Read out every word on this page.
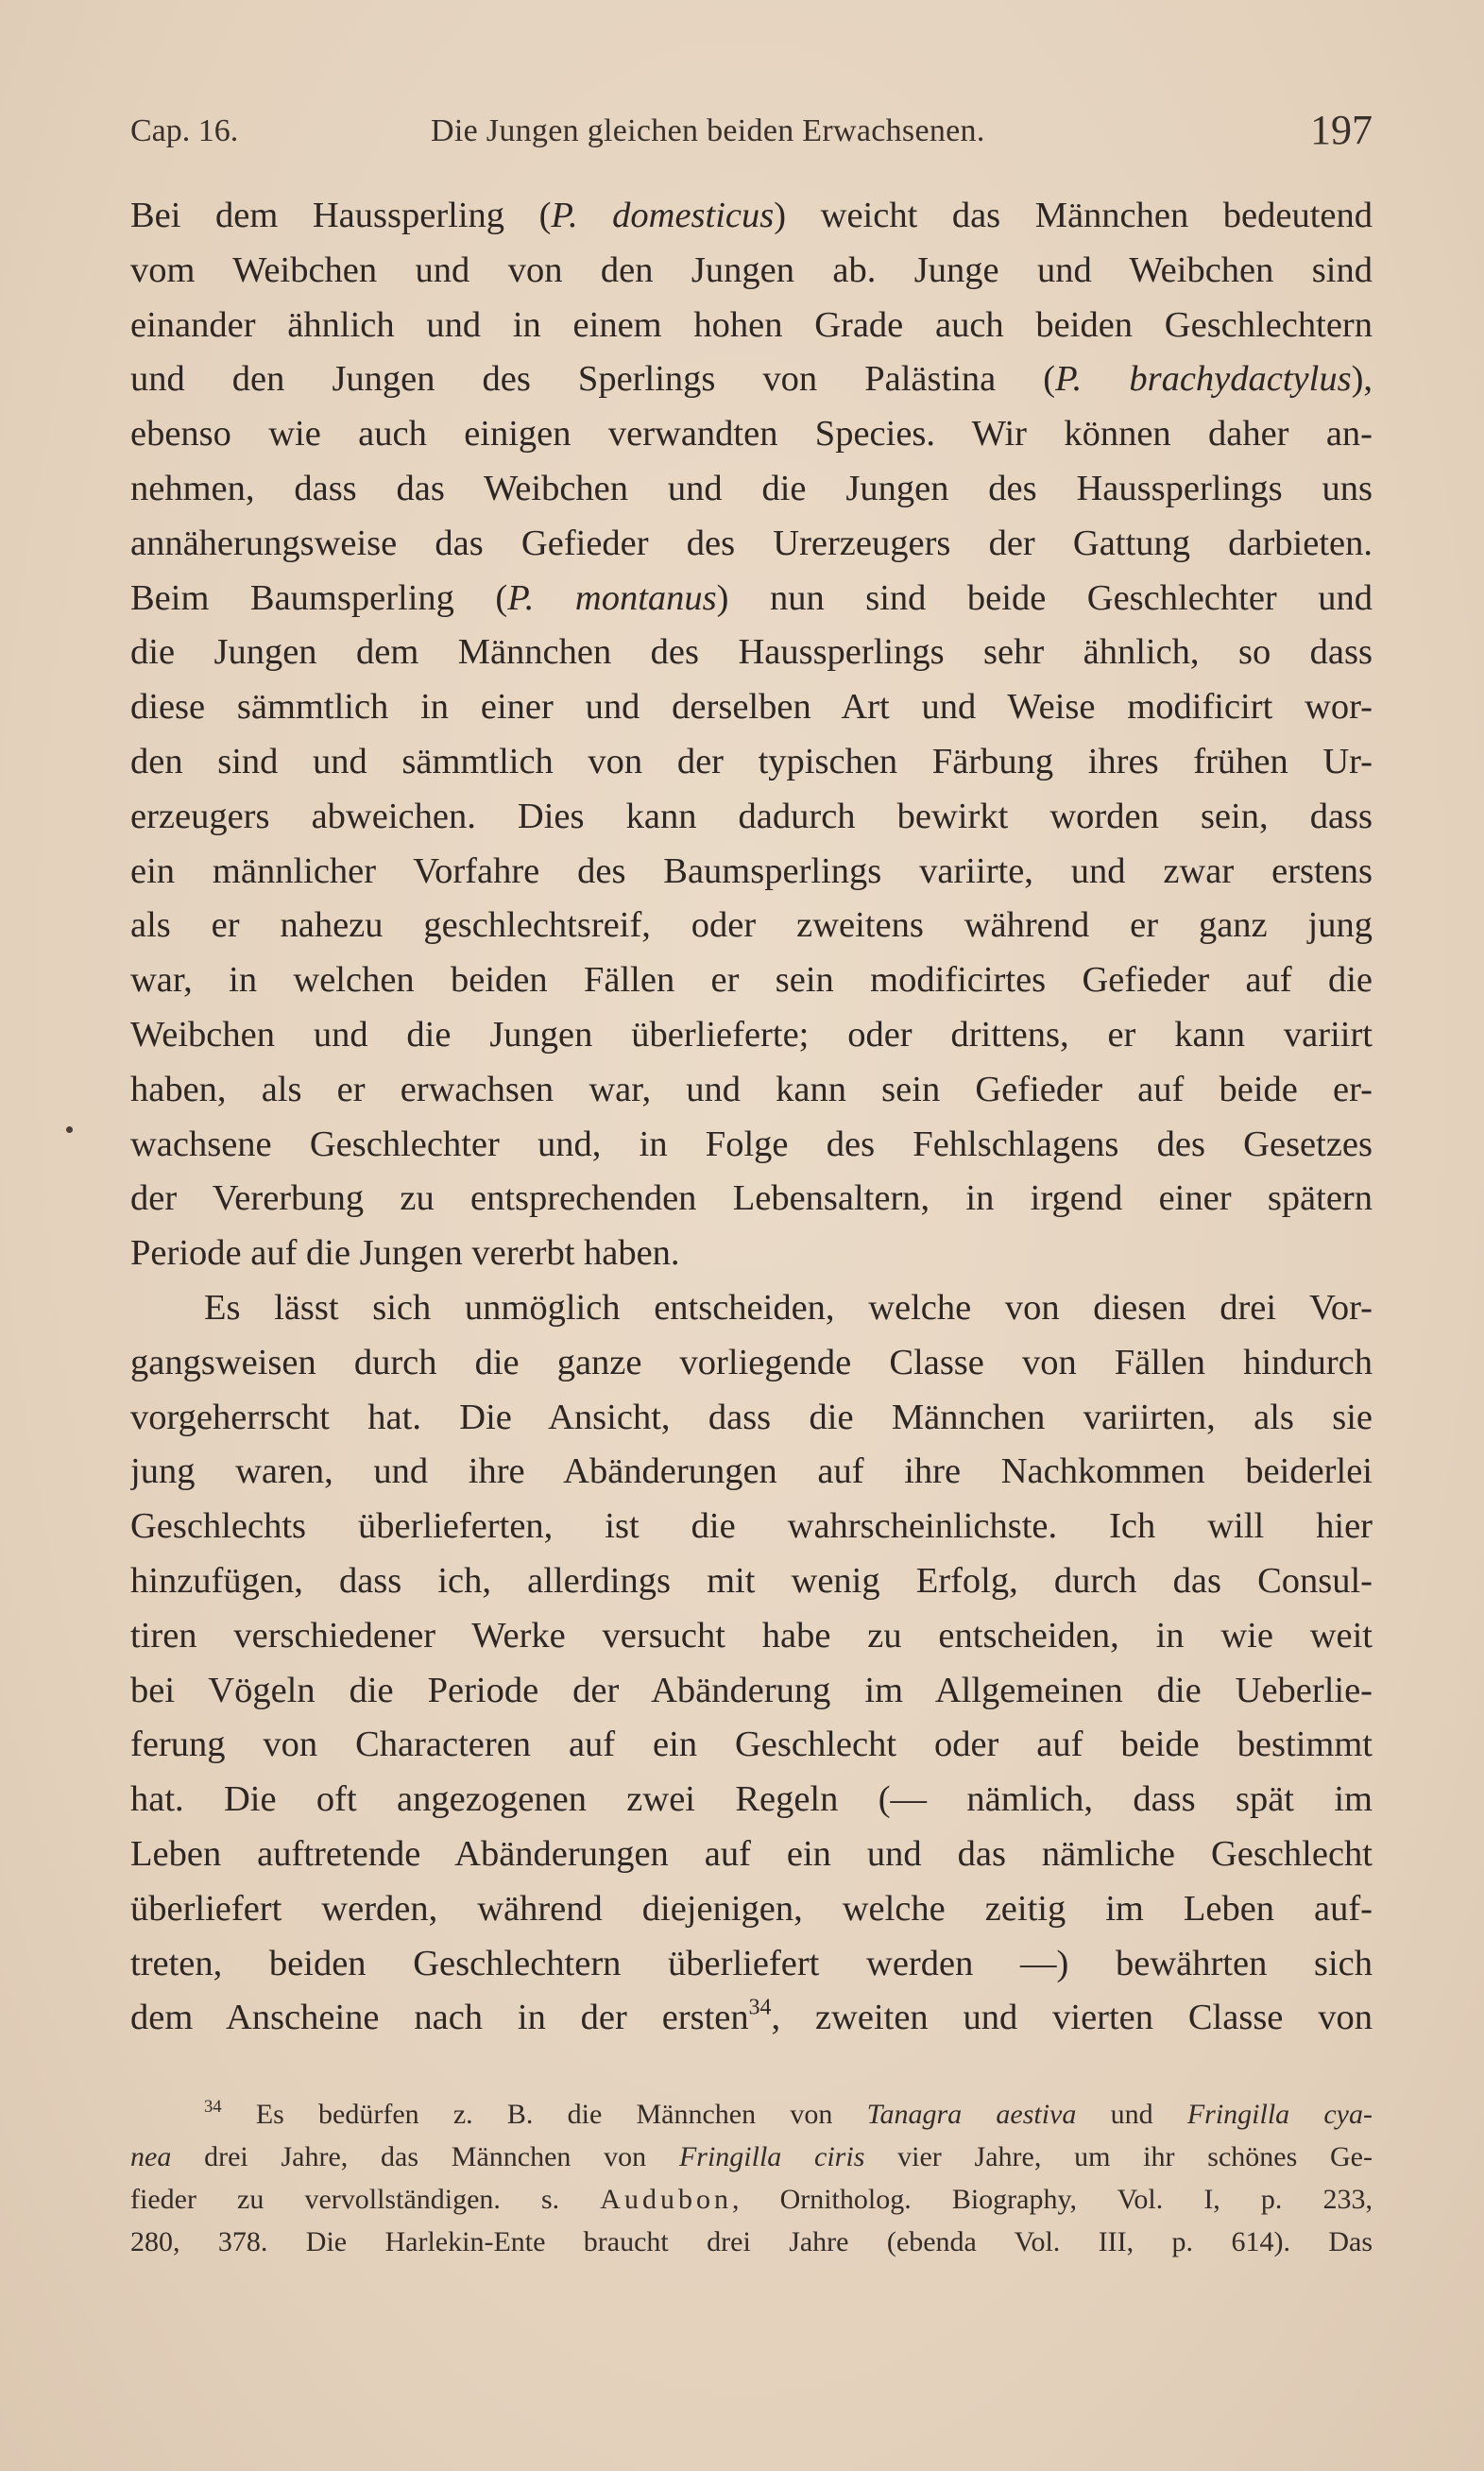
Cap. 16.	Die Jungen gleichen beiden Erwachsenen.	197
Bei dem Haussperling (P. domesticus) weicht das Männchen bedeutend
vom Weibchen und von den Jungen ab. Junge und Weibchen sind
einander ähnlich und in einem hohen Grade auch beiden Geschlechtern
und den Jungen des Sperlings von Palästina (P. brachydactylus),
ebenso wie auch einigen verwandten Species. Wir können daher an-
nehmen, dass das Weibchen und die Jungen des Haussperlings uns
annäherungsweise das Gefieder des Urerzeugers der Gattung darbieten.
Beim Baumsperling (P. montanus) nun sind beide Geschlechter und
die Jungen dem Männchen des Haussperlings sehr ähnlich, so dass
diese sämmtlich in einer und derselben Art und Weise modificirt wor-
den sind und sämmtlich von der typischen Färbung ihres frühen Ur-
erzeugers abweichen. Dies kann dadurch bewirkt worden sein, dass
ein männlicher Vorfahre des Baumsperlings variirte, und zwar erstens
als er nahezu geschlechtsreif, oder zweitens während er ganz jung
war, in welchen beiden Fällen er sein modificirtes Gefieder auf die
Weibchen und die Jungen überlieferte; oder drittens, er kann variirt
haben, als er erwachsen war, und kann sein Gefieder auf beide er-
wachsene Geschlechter und, in Folge des Fehlschlagens des Gesetzes
der Vererbung zu entsprechenden Lebensaltern, in irgend einer spätern
Periode auf die Jungen vererbt haben.
Es lässt sich unmöglich entscheiden, welche von diesen drei Vor-
gangsweisen durch die ganze vorliegende Classe von Fällen hindurch
vorgeherrscht hat. Die Ansicht, dass die Männchen variirten, als sie
jung waren, und ihre Abänderungen auf ihre Nachkommen beiderlei
Geschlechts überlieferten, ist die wahrscheinlichste. Ich will hier
hinzufügen, dass ich, allerdings mit wenig Erfolg, durch das Consul-
tiren verschiedener Werke versucht habe zu entscheiden, in wie weit
bei Vögeln die Periode der Abänderung im Allgemeinen die Ueberlie-
ferung von Characteren auf ein Geschlecht oder auf beide bestimmt
hat. Die oft angezogenen zwei Regeln (— nämlich, dass spät im
Leben auftretende Abänderungen auf ein und das nämliche Geschlecht
überliefert werden, während diejenigen, welche zeitig im Leben auf-
treten, beiden Geschlechtern überliefert werden —) bewährten sich
dem Anscheine nach in der ersten$^{34}$, zweiten und vierten Classe von
$^{34}$ Es bedürfen z. B. die Männchen von Tanagra aestiva und Fringilla cya-
nea drei Jahre, das Männchen von Fringilla ciris vier Jahre, um ihr schönes Ge-
fieder zu vervollständigen. s. Audubon, Ornitholog. Biography, Vol. I, p. 233,
280, 378. Die Harlekin-Ente braucht drei Jahre (ebenda Vol. III, p. 614). Das
